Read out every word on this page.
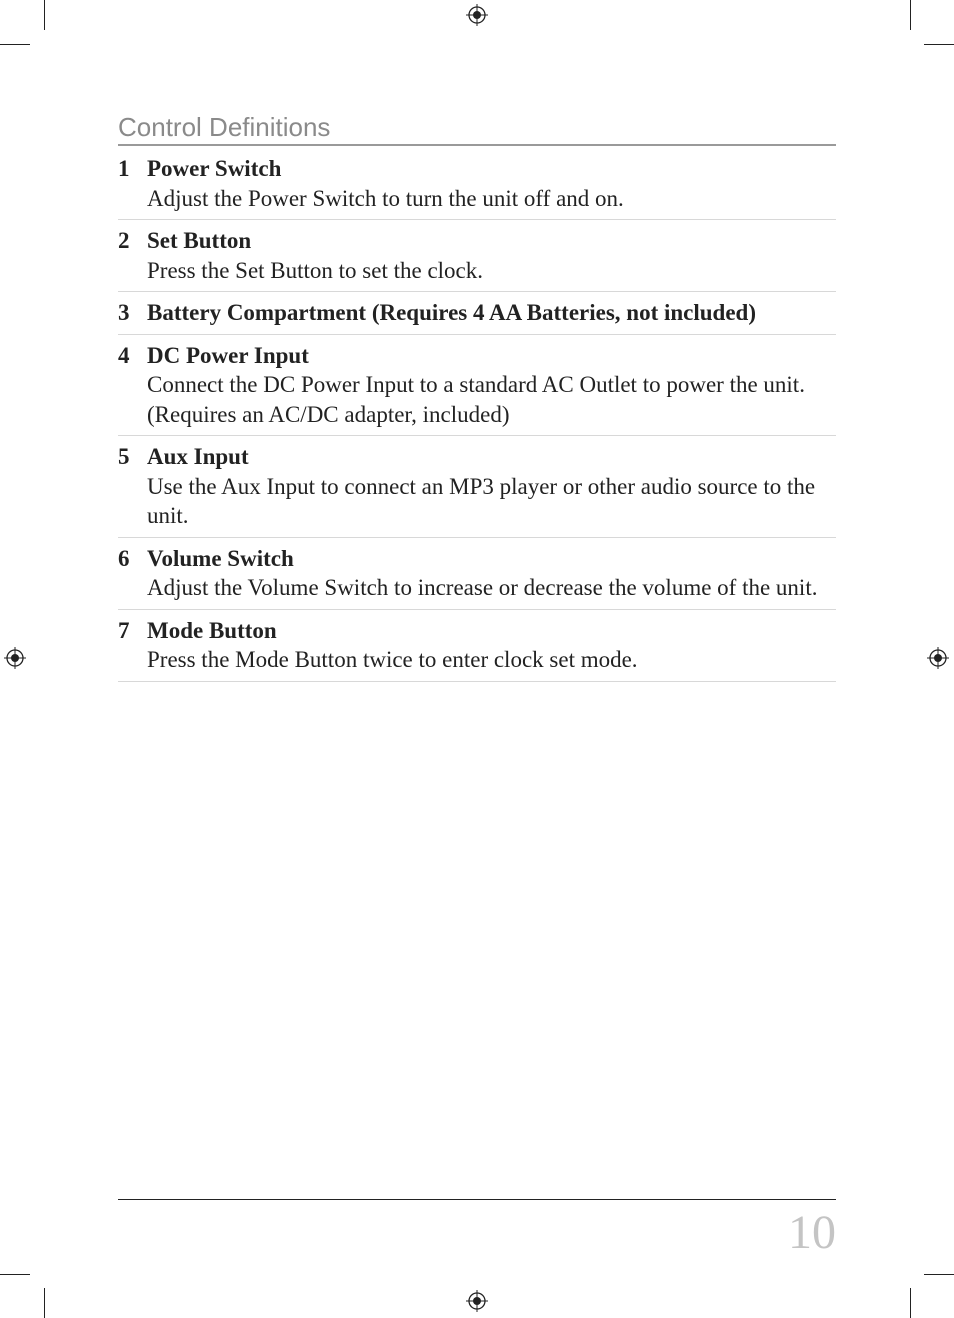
Control Definitions
1 Power Switch
Adjust the Power Switch to turn the unit off and on.
2 Set Button
Press the Set Button to set the clock.
3 Battery Compartment (Requires 4 AA Batteries, not included)
4 DC Power Input
Connect the DC Power Input to a standard AC Outlet to power the unit. (Requires an AC/DC adapter, included)
5 Aux Input
Use the Aux Input to connect an MP3 player or other audio source to the unit.
6 Volume Switch
Adjust the Volume Switch to increase or decrease the volume of the unit.
7 Mode Button
Press the Mode Button twice to enter clock set mode.
10
